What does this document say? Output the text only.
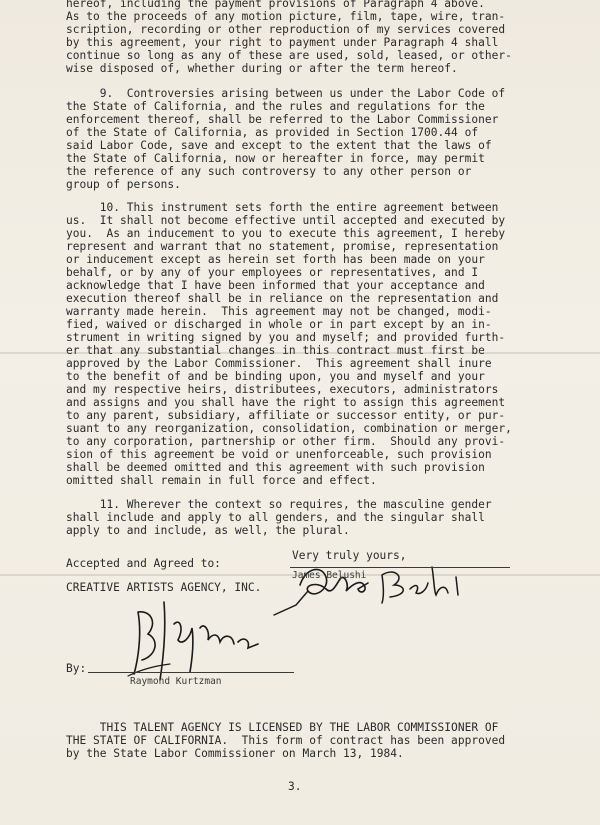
hereof, including the payment provisions of Paragraph 4 above.
As to the proceeds of any motion picture, film, tape, wire, tran-
scription, recording or other reproduction of my services covered
by this agreement, your right to payment under Paragraph 4 shall
continue so long as any of these are used, sold, leased, or other-
wise disposed of, whether during or after the term hereof.
9.  Controversies arising between us under the Labor Code of
the State of California, and the rules and regulations for the
enforcement thereof, shall be referred to the Labor Commissioner
of the State of California, as provided in Section 1700.44 of
said Labor Code, save and except to the extent that the laws of
the State of California, now or hereafter in force, may permit
the reference of any such controversy to any other person or
group of persons.
10. This instrument sets forth the entire agreement between
us.  It shall not become effective until accepted and executed by
you.  As an inducement to you to execute this agreement, I hereby
represent and warrant that no statement, promise, representation
or inducement except as herein set forth has been made on your
behalf, or by any of your employees or representatives, and I
acknowledge that I have been informed that your acceptance and
execution thereof shall be in reliance on the representation and
warranty made herein.  This agreement may not be changed, modi-
fied, waived or discharged in whole or in part except by an in-
strument in writing signed by you and myself; and provided furth-
er that any substantial changes in this contract must first be
approved by the Labor Commissioner.  This agreement shall inure
to the benefit of and be binding upon, you and myself and your
and my respective heirs, distributees, executors, administrators
and assigns and you shall have the right to assign this agreement
to any parent, subsidiary, affiliate or successor entity, or pur-
suant to any reorganization, consolidation, combination or merger,
to any corporation, partnership or other firm.  Should any provi-
sion of this agreement be void or unenforceable, such provision
shall be deemed omitted and this agreement with such provision
omitted shall remain in full force and effect.
11. Wherever the context so requires, the masculine gender
shall include and apply to all genders, and the singular shall
apply to and include, as well, the plural.
Very truly yours,
Accepted and Agreed to:
James Belushi
CREATIVE ARTISTS AGENCY, INC.
By:
Raymond Kurtzman
THIS TALENT AGENCY IS LICENSED BY THE LABOR COMMISSIONER OF
THE STATE OF CALIFORNIA.  This form of contract has been approved
by the State Labor Commissioner on March 13, 1984.
3.
